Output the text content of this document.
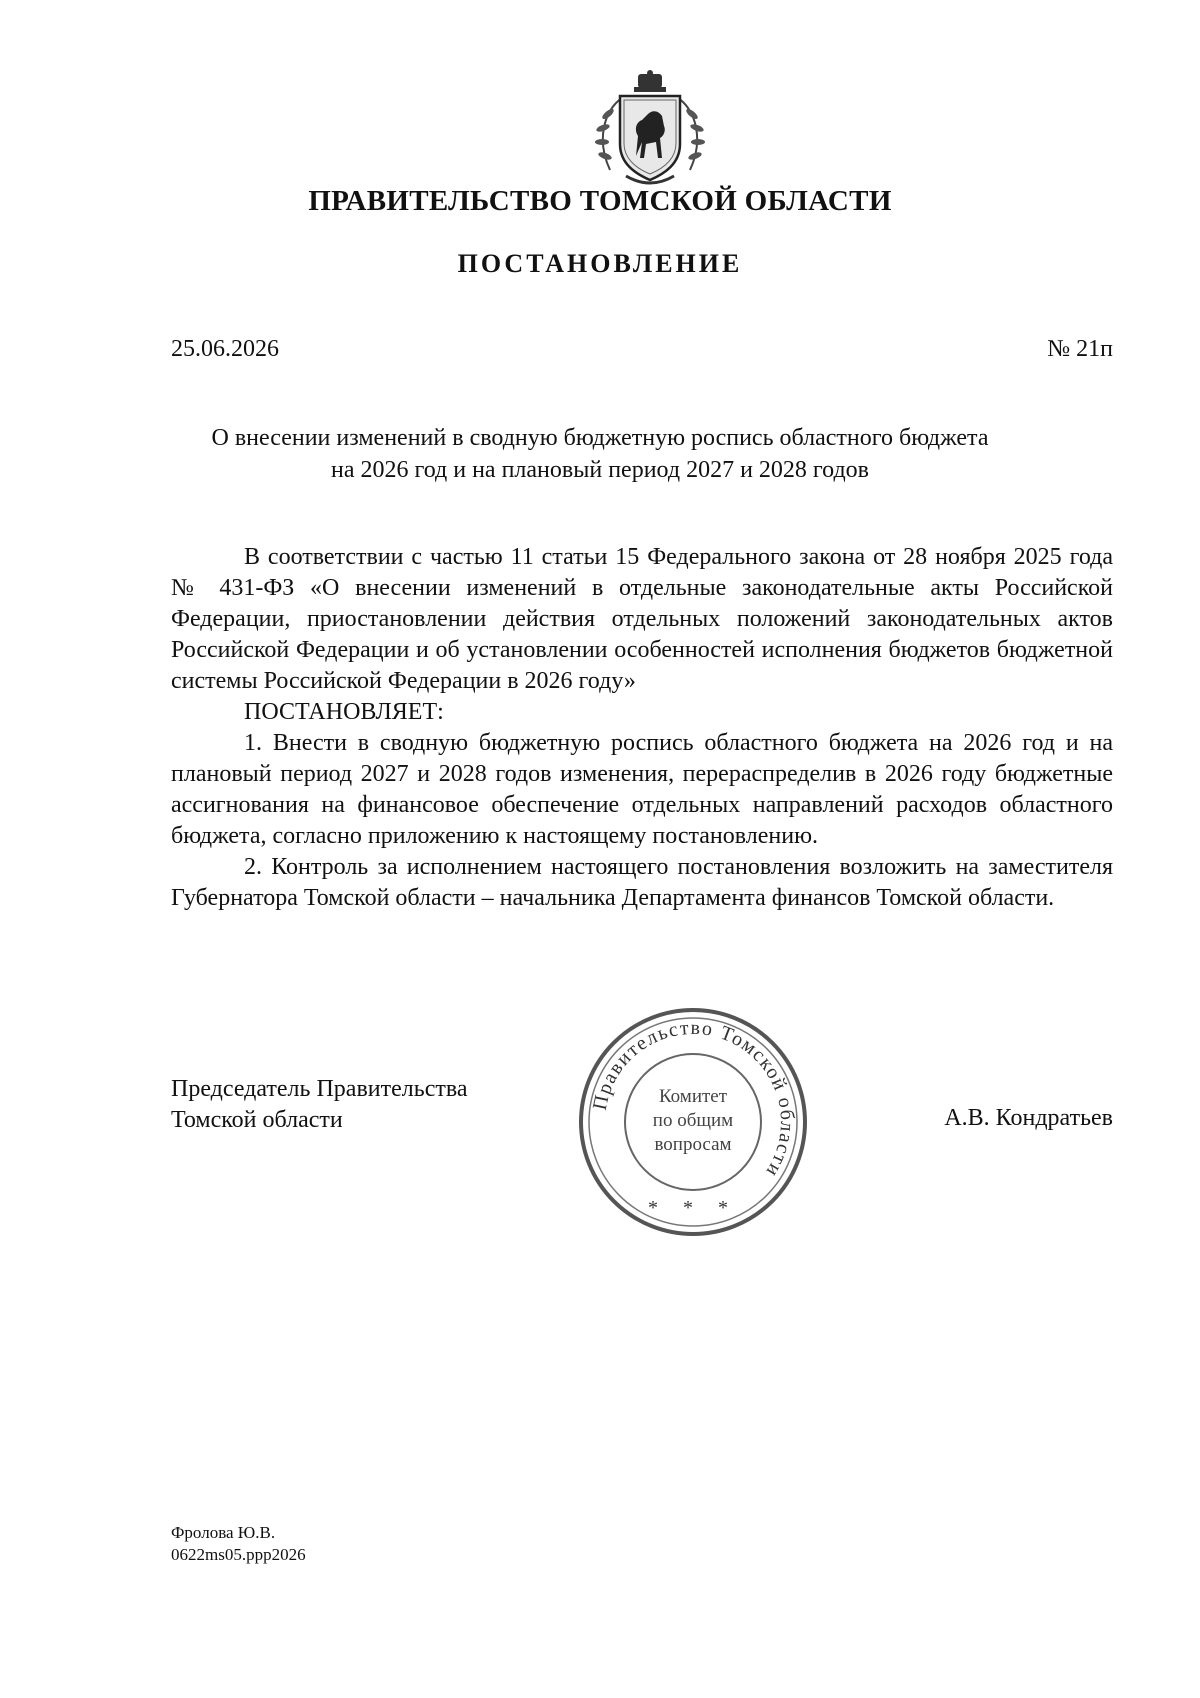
ПРАВИТЕЛЬСТВО ТОМСКОЙ ОБЛАСТИ
ПОСТАНОВЛЕНИЕ
25.06.2026	№ 21п
О внесении изменений в сводную бюджетную роспись областного бюджета
на 2026 год и на плановый период 2027 и 2028 годов

В соответствии с частью 11 статьи 15 Федерального закона от 28 ноября 2025 года № 431-ФЗ «О внесении изменений в отдельные законодательные акты Российской Федерации, приостановлении действия отдельных положений законодательных актов Российской Федерации и об установлении особенностей исполнения бюджетов бюджетной системы Российской Федерации в 2026 году»

ПОСТАНОВЛЯЕТ:

1. Внести в сводную бюджетную роспись областного бюджета на 2026 год и на плановый период 2027 и 2028 годов изменения, перераспределив в 2026 году бюджетные ассигнования на финансовое обеспечение отдельных направлений расходов областного бюджета, согласно приложению к настоящему постановлению.

2. Контроль за исполнением настоящего постановления возложить на заместителя Губернатора Томской области – начальника Департамента финансов Томской области.

Председатель Правительства
Томской области
Правительство Томской области
Комитет
по общим
вопросам
* * *
А.В. Кондратьев
Фролова Ю.В.
0622ms05.ppp2026
